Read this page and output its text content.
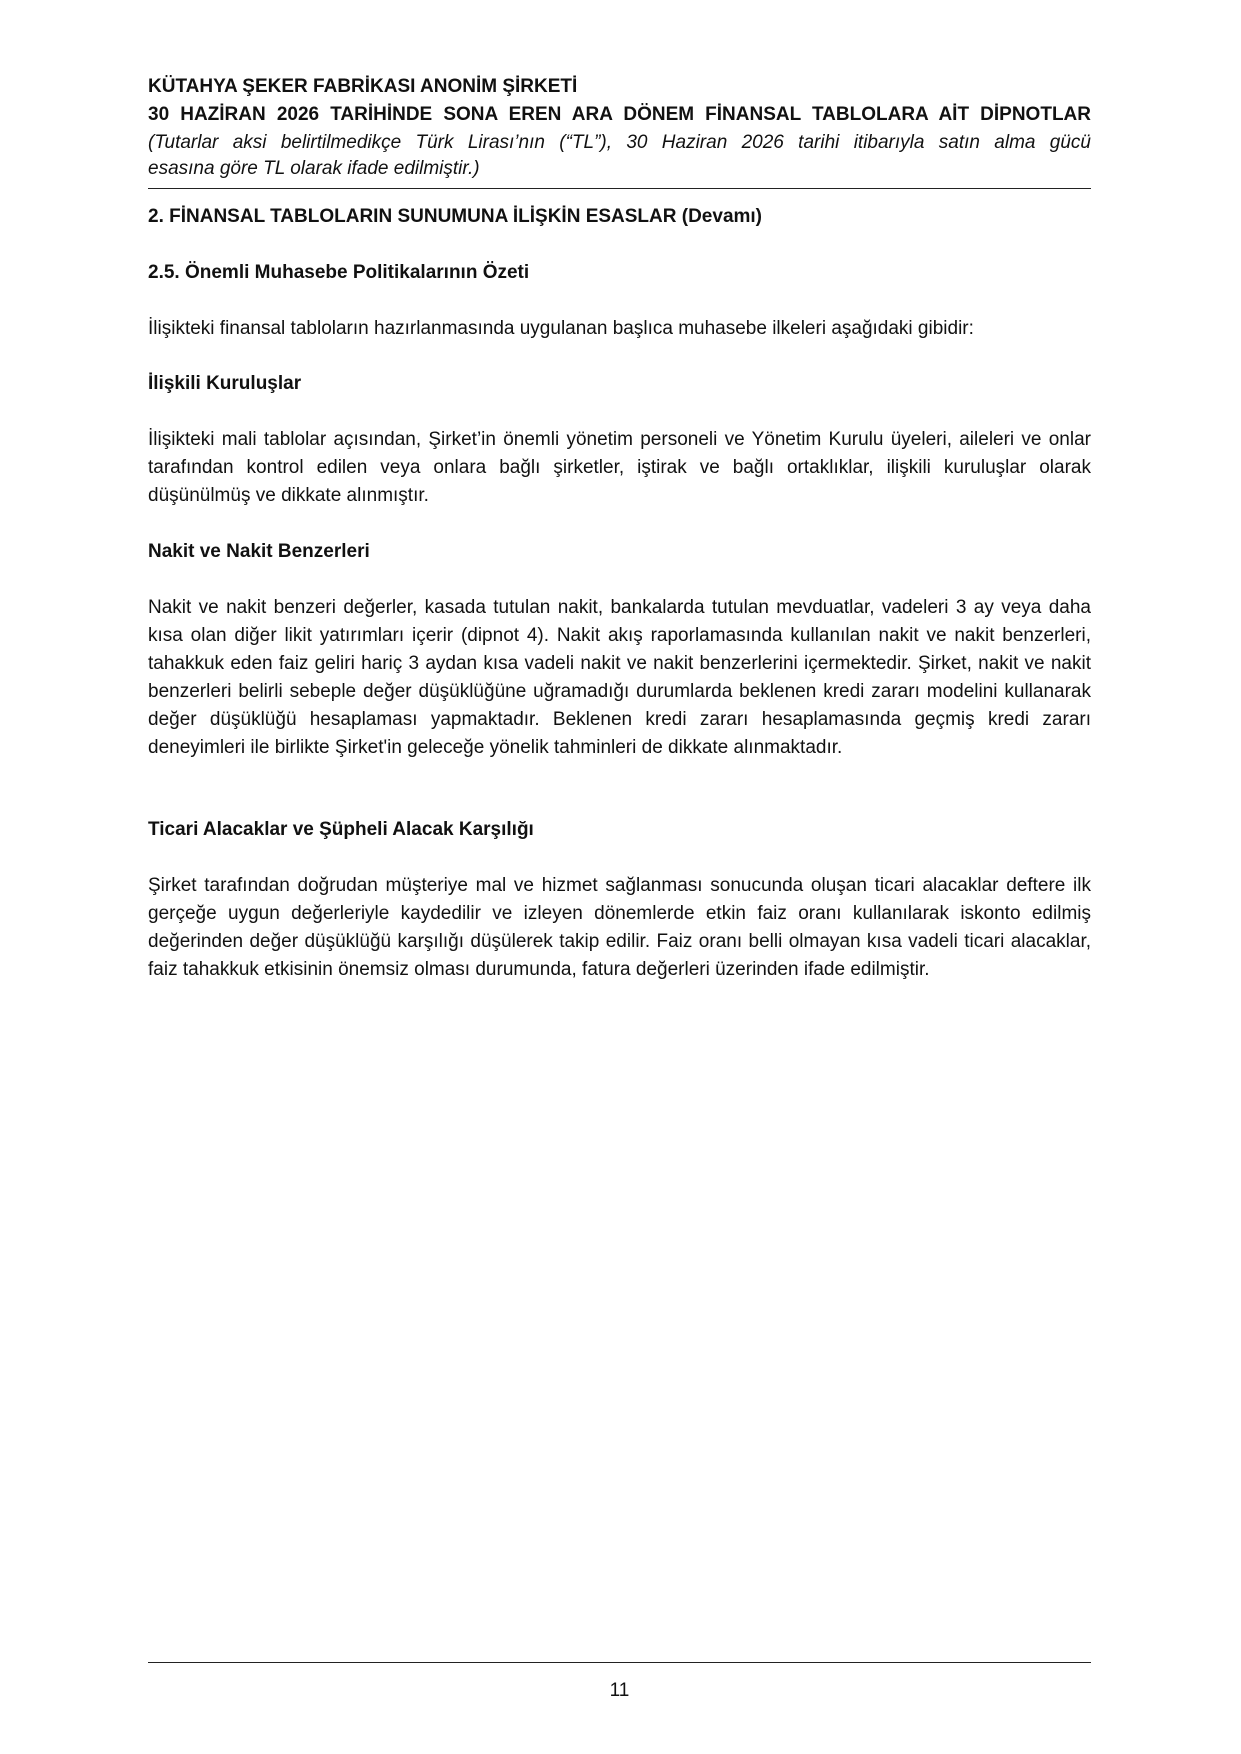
KÜTAHYA ŞEKER FABRİKASI ANONİM ŞİRKETİ
30 HAZİRAN 2026 TARİHİNDE SONA EREN ARA DÖNEM FİNANSAL TABLOLARA AİT DİPNOTLAR
(Tutarlar aksi belirtilmedikçe Türk Lirası’nın (“TL”), 30 Haziran 2026 tarihi itibarıyla satın alma gücü
esasına göre TL olarak ifade edilmiştir.)
2. FİNANSAL TABLOLARIN SUNUMUNA İLİŞKİN ESASLAR (Devamı)
2.5. Önemli Muhasebe Politikalarının Özeti
İlişikteki finansal tabloların hazırlanmasında uygulanan başlıca muhasebe ilkeleri aşağıdaki gibidir:
İlişkili Kuruluşlar
İlişikteki mali tablolar açısından, Şirket’in önemli yönetim personeli ve Yönetim Kurulu üyeleri, aileleri ve onlar tarafından kontrol edilen veya onlara bağlı şirketler, iştirak ve bağlı ortaklıklar, ilişkili kuruluşlar olarak düşünülmüş ve dikkate alınmıştır.
Nakit ve Nakit Benzerleri
Nakit ve nakit benzeri değerler, kasada tutulan nakit, bankalarda tutulan mevduatlar, vadeleri 3 ay veya daha kısa olan diğer likit yatırımları içerir (dipnot 4). Nakit akış raporlamasında kullanılan nakit ve nakit benzerleri, tahakkuk eden faiz geliri hariç 3 aydan kısa vadeli nakit ve nakit benzerlerini içermektedir. Şirket, nakit ve nakit benzerleri belirli sebeple değer düşüklüğüne uğramadığı durumlarda beklenen kredi zararı modelini kullanarak değer düşüklüğü hesaplaması yapmaktadır. Beklenen kredi zararı hesaplamasında geçmiş kredi zararı deneyimleri ile birlikte Şirket'in geleceğe yönelik tahminleri de dikkate alınmaktadır.
Ticari Alacaklar ve Şüpheli Alacak Karşılığı
Şirket tarafından doğrudan müşteriye mal ve hizmet sağlanması sonucunda oluşan ticari alacaklar deftere ilk gerçeğe uygun değerleriyle kaydedilir ve izleyen dönemlerde etkin faiz oranı kullanılarak iskonto edilmiş değerinden değer düşüklüğü karşılığı düşülerek takip edilir. Faiz oranı belli olmayan kısa vadeli ticari alacaklar, faiz tahakkuk etkisinin önemsiz olması durumunda, fatura değerleri üzerinden ifade edilmiştir.
11
